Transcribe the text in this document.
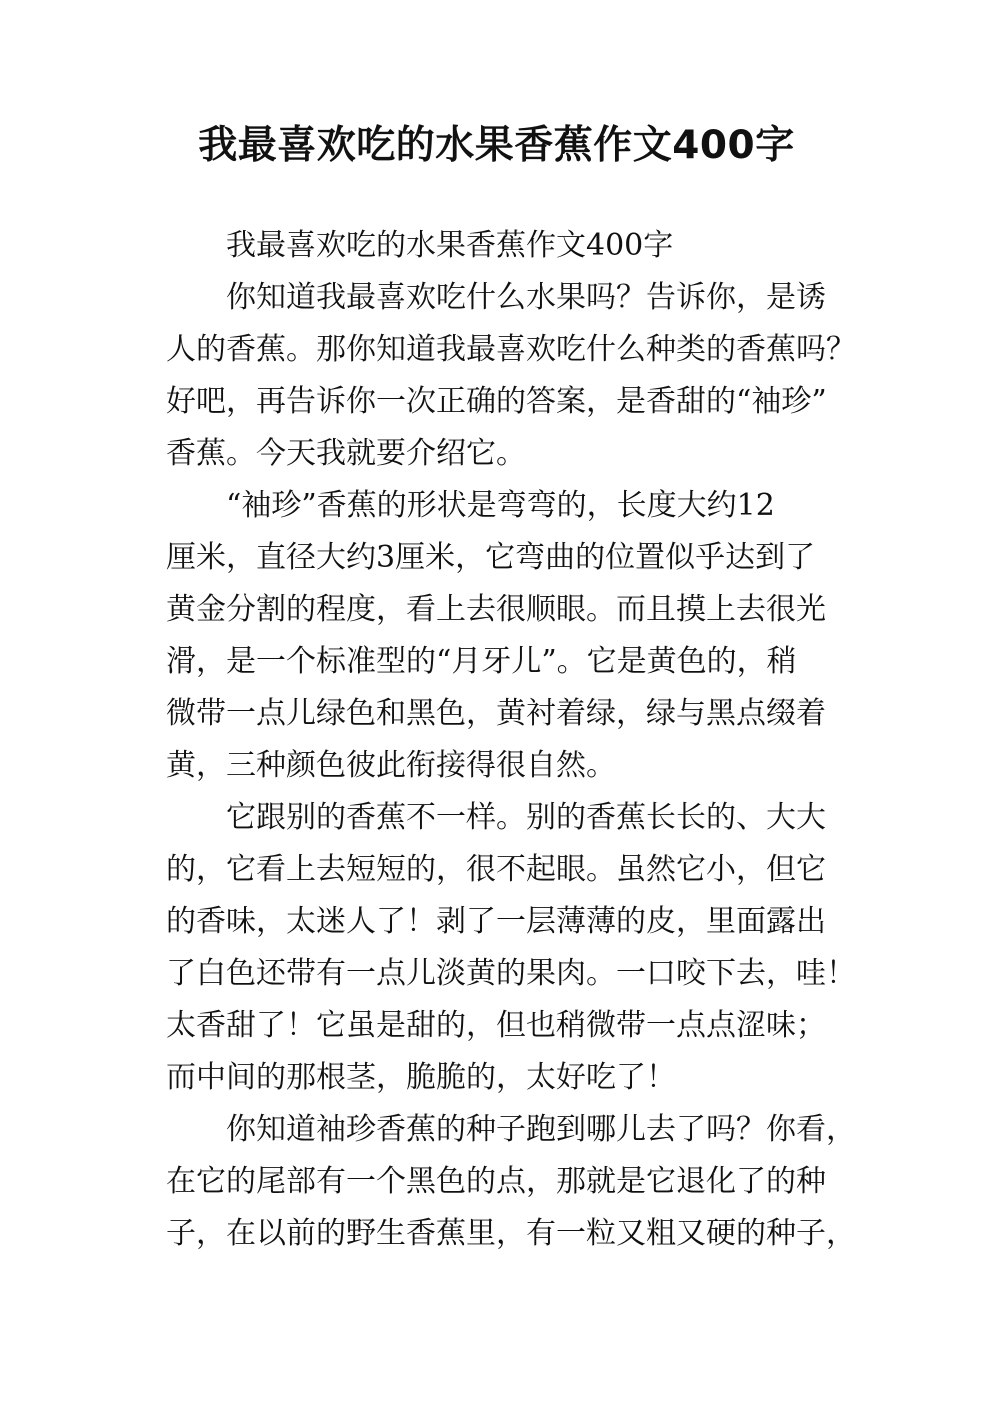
我最喜欢吃的水果香蕉作文400字
我最喜欢吃的水果香蕉作文400字
你知道我最喜欢吃什么水果吗？告诉你，是诱
人的香蕉。那你知道我最喜欢吃什么种类的香蕉吗？
好吧，再告诉你一次正确的答案，是香甜的“袖珍”
香蕉。今天我就要介绍它。
“袖珍”香蕉的形状是弯弯的，长度大约12
厘米，直径大约3厘米，它弯曲的位置似乎达到了
黄金分割的程度，看上去很顺眼。而且摸上去很光
滑，是一个标准型的“月牙儿”。它是黄色的，稍
微带一点儿绿色和黑色，黄衬着绿，绿与黑点缀着
黄，三种颜色彼此衔接得很自然。
它跟别的香蕉不一样。别的香蕉长长的、大大
的，它看上去短短的，很不起眼。虽然它小，但它
的香味，太迷人了！剥了一层薄薄的皮，里面露出
了白色还带有一点儿淡黄的果肉。一口咬下去，哇！
太香甜了！它虽是甜的，但也稍微带一点点涩味；
而中间的那根茎，脆脆的，太好吃了！
你知道袖珍香蕉的种子跑到哪儿去了吗？你看，
在它的尾部有一个黑色的点，那就是它退化了的种
子，在以前的野生香蕉里，有一粒又粗又硬的种子，
